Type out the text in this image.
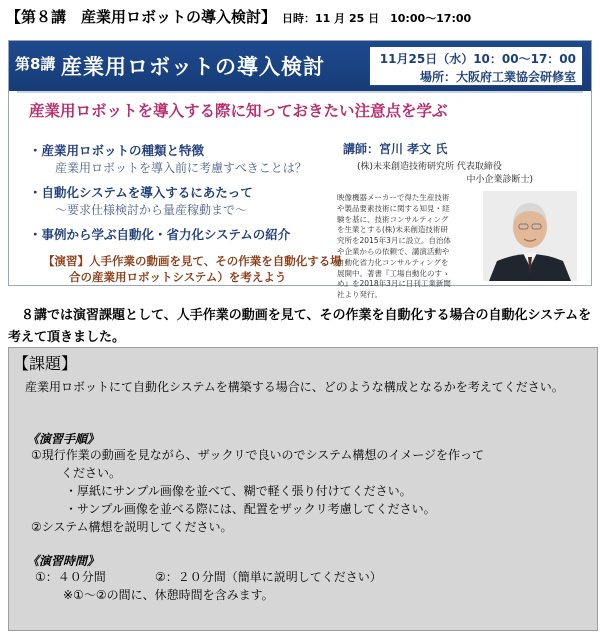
【第８講　産業用ロボットの導入検討】 日時：11 月 25 日　10:00～17:00
第8講 産業用ロボットの導入検討	11月25日（水）10：00～17：00
場所：大阪府工業協会研修室
産業用ロボットを導入する際に知っておきたい注意点を学ぶ
・産業用ロボットの種類と特徴
産業用ロボットを導入前に考慮すべきことは？
・自動化システムを導入するにあたって
～要求仕様検討から量産稼動まで～
・事例から学ぶ自動化・省力化システムの紹介
【演習】人手作業の動画を見て、その作業を自動化する場
合の産業用ロボットシステム）を考えよう
講師：宮川 孝文 氏
(株)未来創造技術研究所 代表取締役
中小企業診断士)
映像機器メーカーで得た生産技術や製品要素技術に関する知見・経験を基に、技術コンサルティングを生業とする(株)未来創造技術研究所を2015年3月に設立。自治体や企業からの依頼で、講演活動や自動化省力化コンサルティングを展開中。著書『工場自動化のすゝめ』を2018年3月に日刊工業新聞社より発行。
　８講では演習課題として、人手作業の動画を見て、その作業を自動化する場合の自動化システムを考えて頂きました。
【課題】
産業用ロボットにて自動化システムを構築する場合に、どのような構成となるかを考えてください。
《演習手順》
①現行作業の動画を見ながら、ザックリで良いのでシステム構想のイメージを作って
ください。
・厚紙にサンプル画像を並べて、糊で軽く張り付けてください。
・サンプル画像を並べる際には、配置をザックリ考慮してください。
②システム構想を説明してください。
《演習時間》
①：４０分間	②：２０分間（簡単に説明してください）
※①～②の間に、休憩時間を含みます。
